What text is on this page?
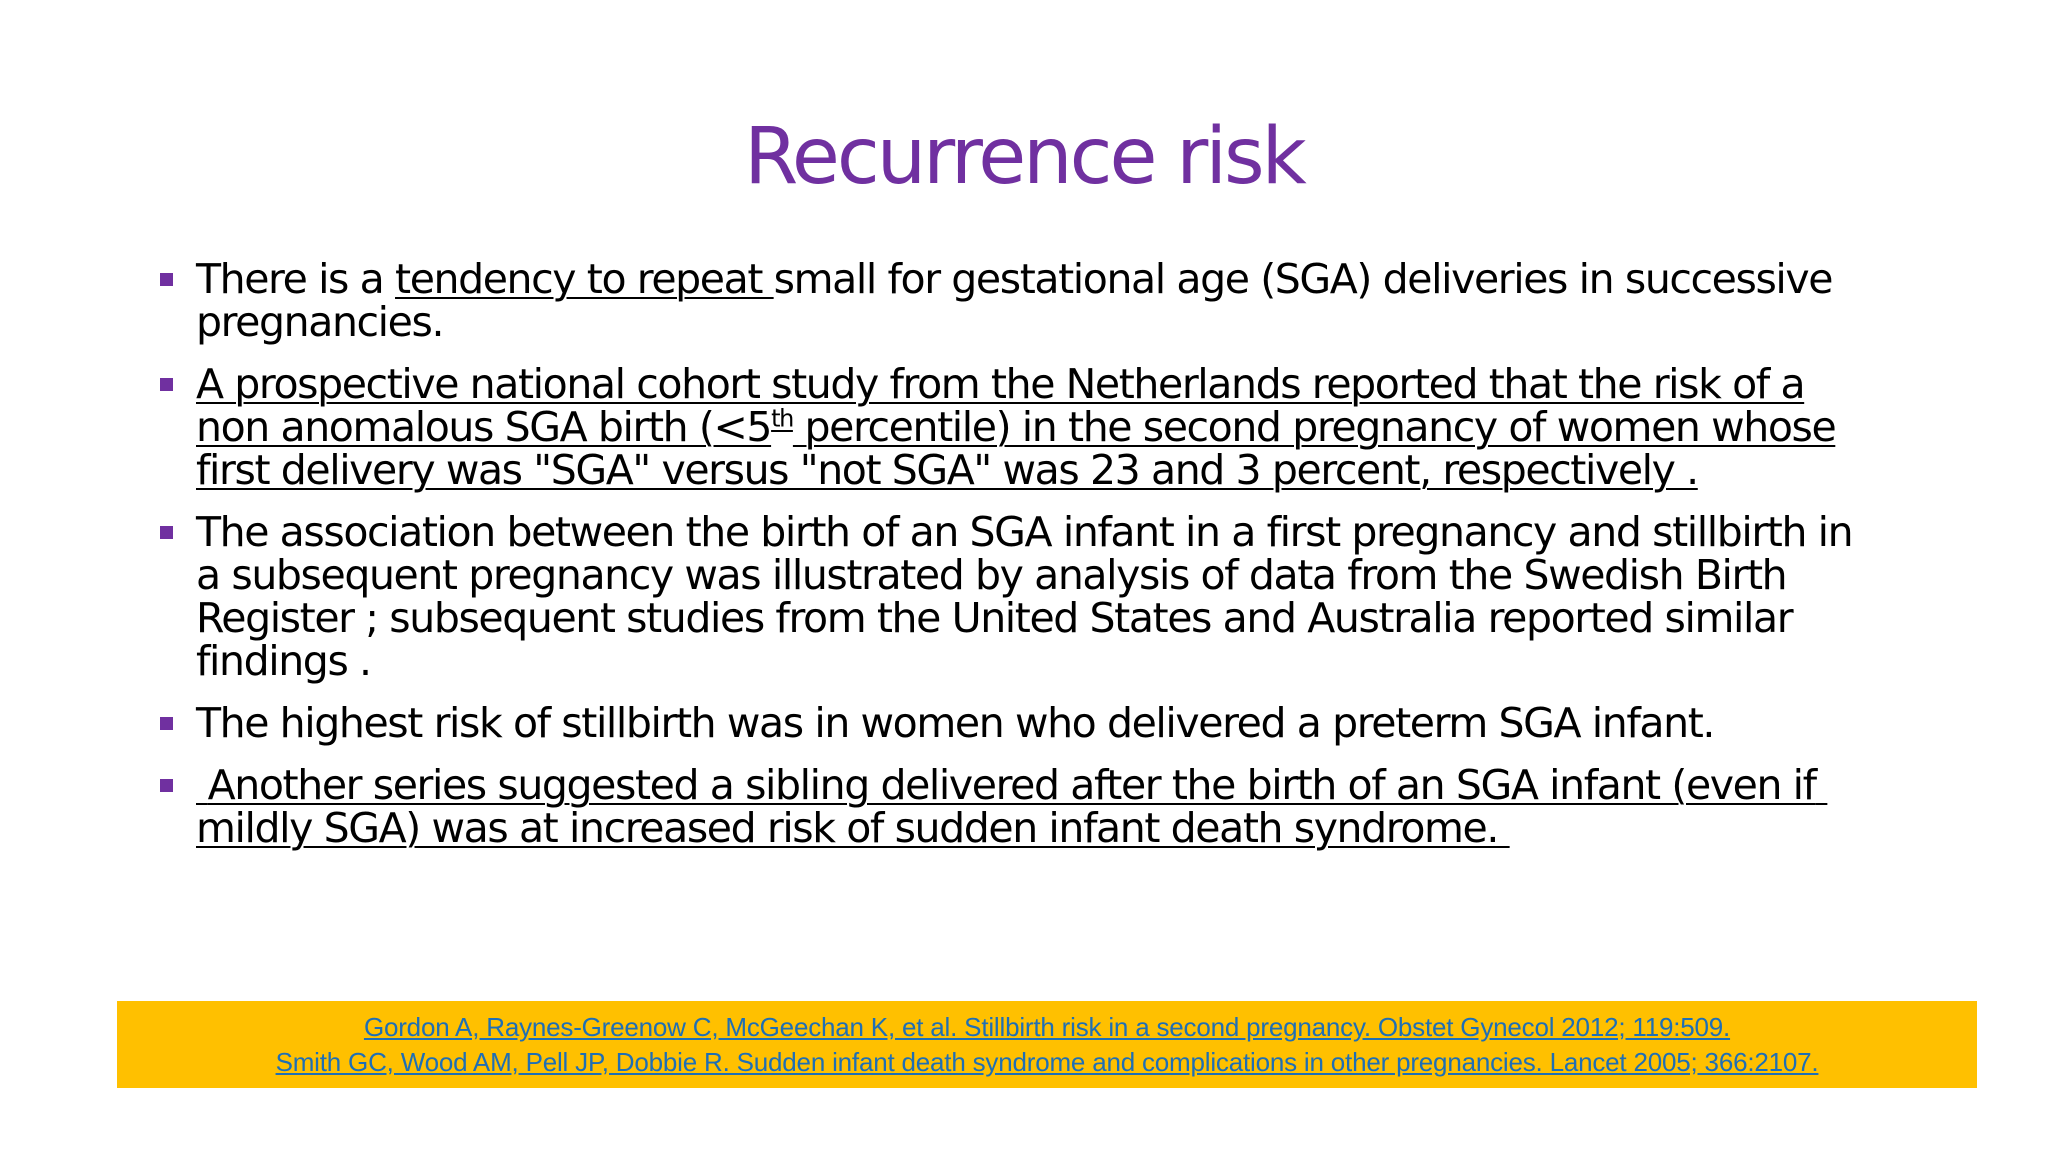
Recurrence risk
There is a tendency to repeat small for gestational age (SGA) deliveries in successive pregnancies.
A prospective national cohort study from the Netherlands reported that the risk of a non anomalous SGA birth (<5th percentile) in the second pregnancy of women whose first delivery was "SGA" versus "not SGA" was 23 and 3 percent, respectively .
The association between the birth of an SGA infant in a first pregnancy and stillbirth in a subsequent pregnancy was illustrated by analysis of data from the Swedish Birth Register ; subsequent studies from the United States and Australia reported similar findings .
The highest risk of stillbirth was in women who delivered a preterm SGA infant.
Another series suggested a sibling delivered after the birth of an SGA infant (even if mildly SGA) was at increased risk of sudden infant death syndrome.
Gordon A, Raynes-Greenow C, McGeechan K, et al. Stillbirth risk in a second pregnancy. Obstet Gynecol 2012; 119:509.
Smith GC, Wood AM, Pell JP, Dobbie R. Sudden infant death syndrome and complications in other pregnancies. Lancet 2005; 366:2107.
